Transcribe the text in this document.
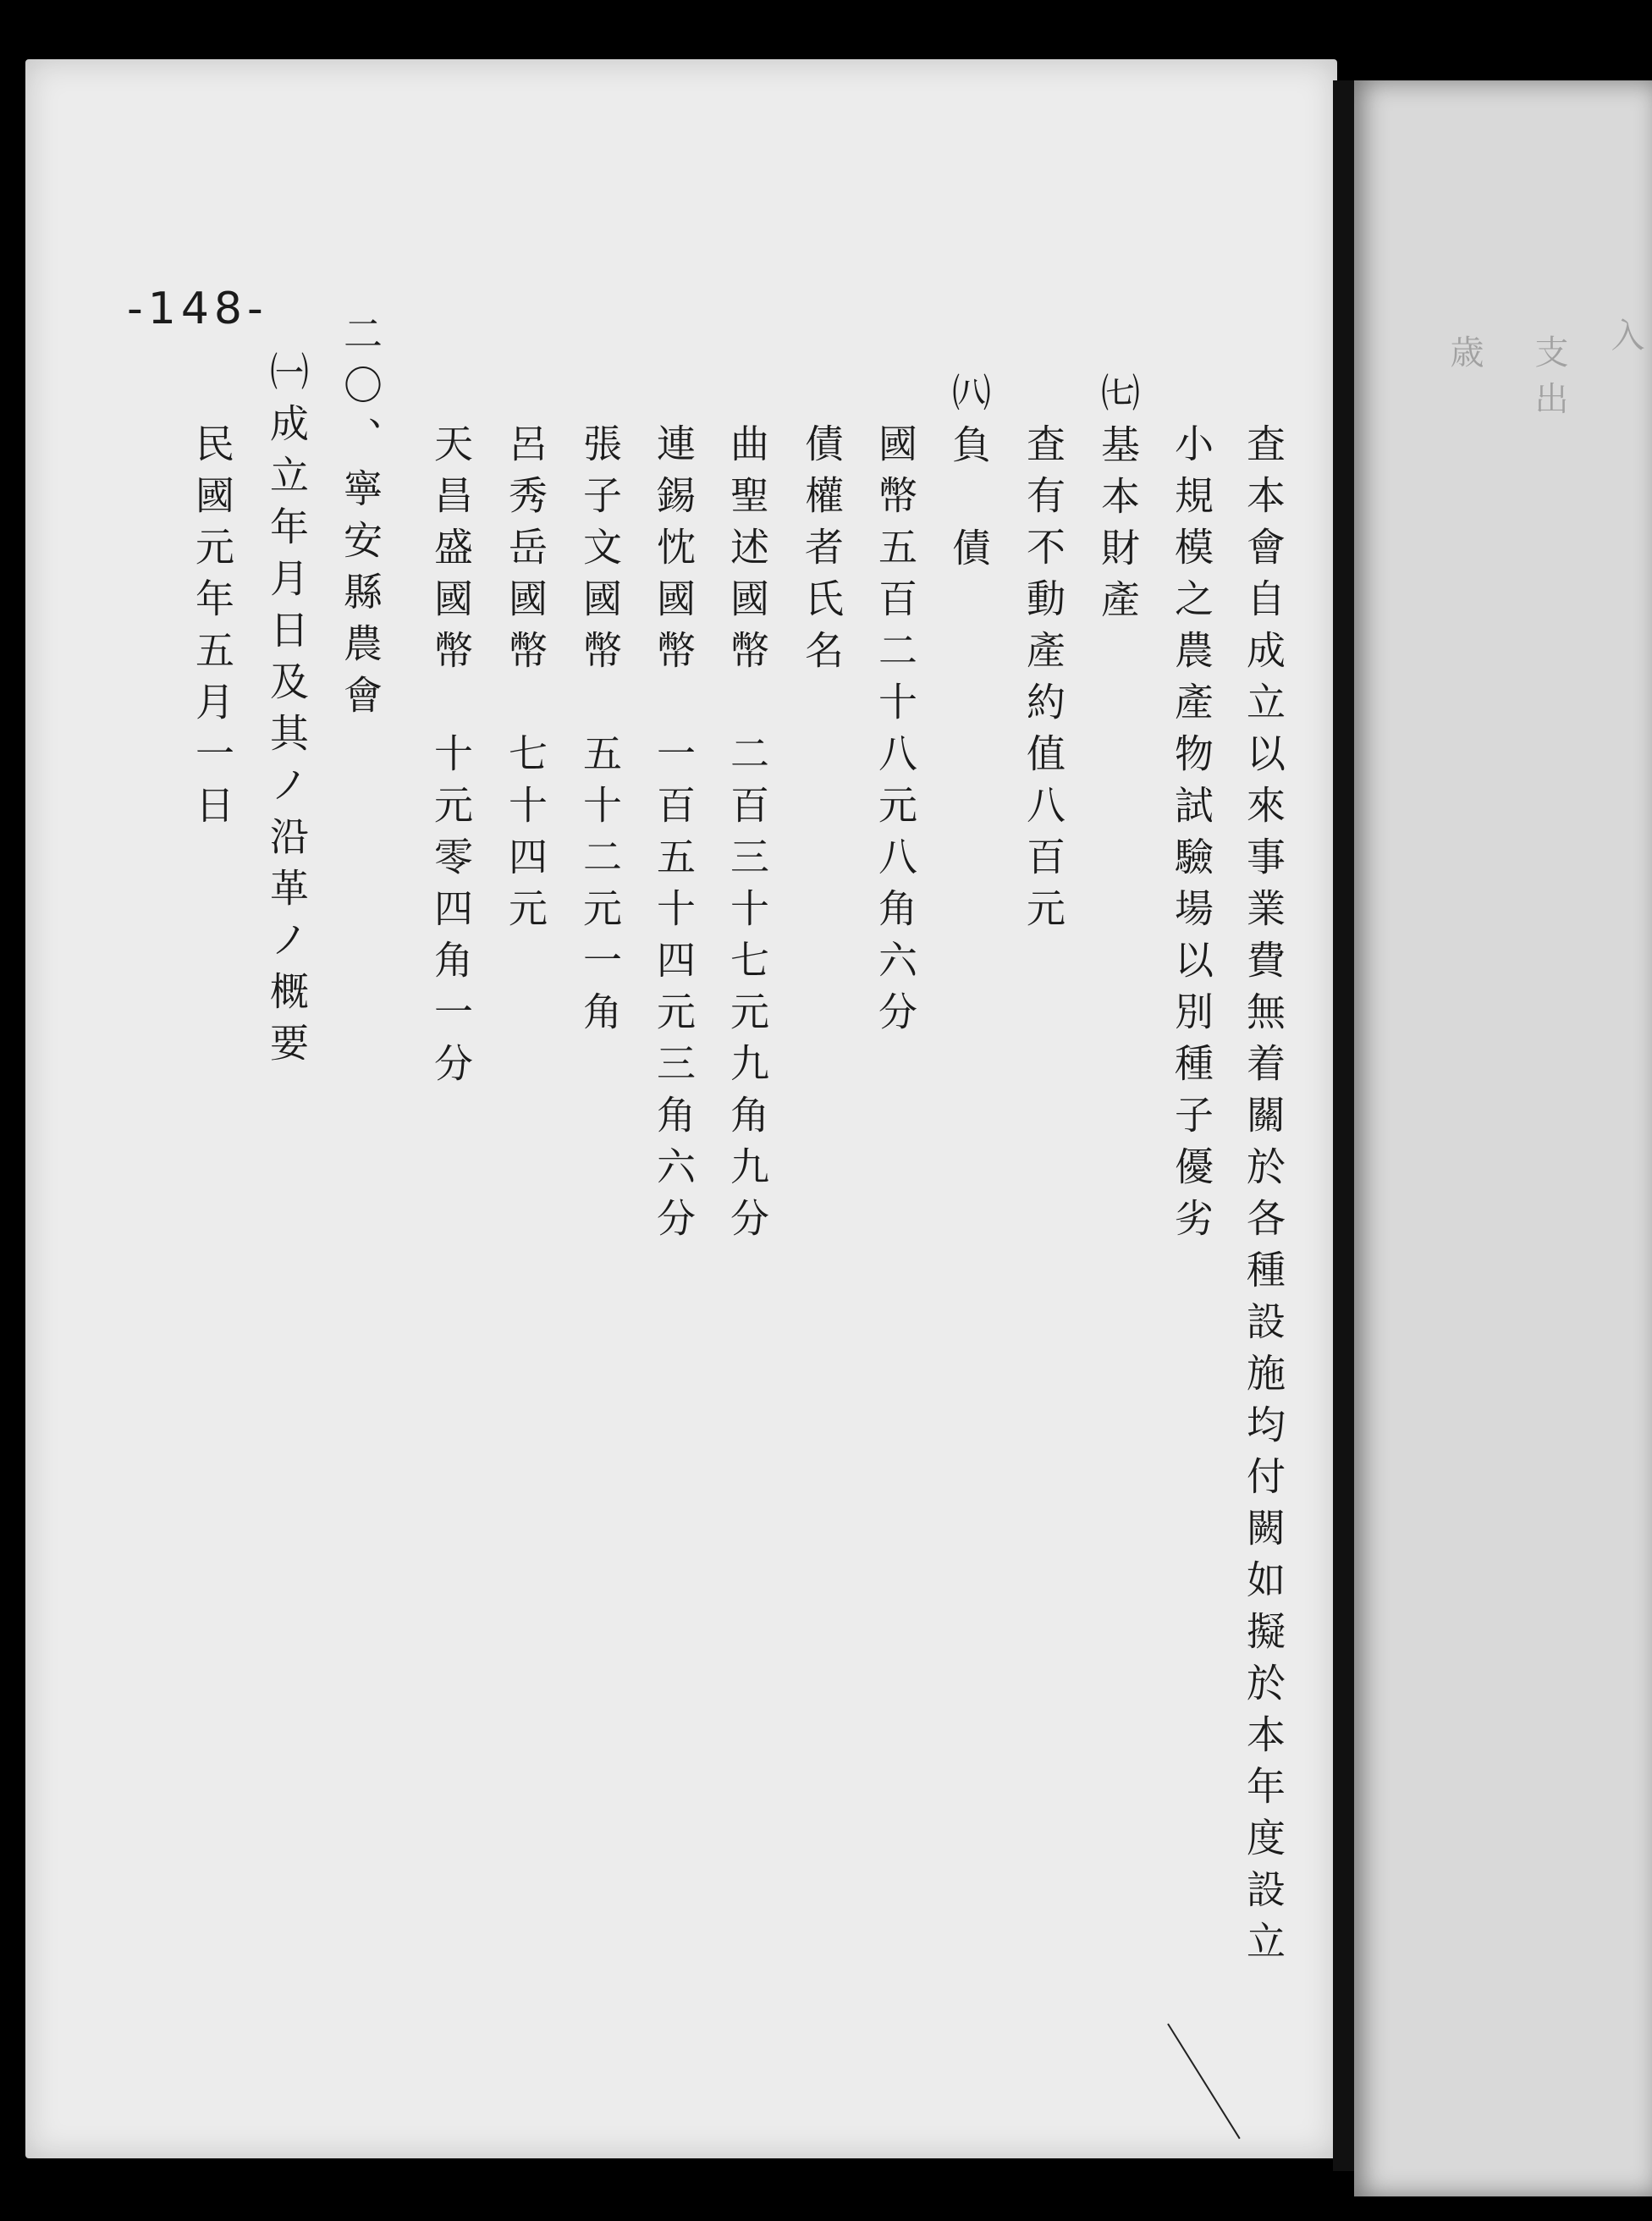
入
支出
歳
-148-
査本會自成立以來事業費無着關於各種設施均付闕如擬於本年度設立
小規模之農產物試驗場以別種子優劣
㈦基本財產
査有不動產約值八百元
㈧負　債
國幣五百二十八元八角六分
債權者氏名
曲聖述國幣　二百三十七元九角九分
連錫忱國幣　一百五十四元三角六分
張子文國幣　五十二元一角
呂秀岳國幣　七十四元
天昌盛國幣　十元零四角一分
二〇、寧安縣農會
㈠成立年月日及其ノ沿革ノ概要
民國元年五月一日
